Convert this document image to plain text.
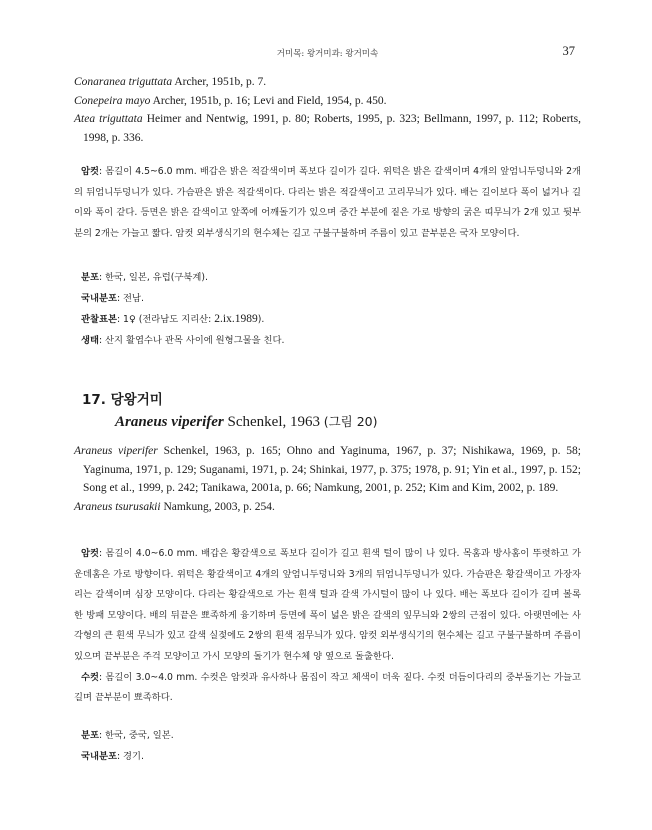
거미목: 왕거미과: 왕거미속	37

Conaranea triguttata Archer, 1951b, p. 7.

Conepeira mayo Archer, 1951b, p. 16; Levi and Field, 1954, p. 450.

Atea triguttata Heimer and Nentwig, 1991, p. 80; Roberts, 1995, p. 323; Bellmann, 1997, p. 112; Roberts, 1998, p. 336.

암컷: 몸길이 4.5~6.0 mm. 배갑은 밝은 적갈색이며 폭보다 길이가 길다. 위턱은 밝은 갈색이며 4개의 앞엄니두덩니와 2개의 뒤엄니두덩니가 있다. 가슴판은 밝은 적갈색이다. 다리는 밝은 적갈색이고 고리무늬가 있다. 배는 길이보다 폭이 넓거나 길이와 폭이 같다. 등면은 밝은 갈색이고 앞쪽에 어깨돌기가 있으며 중간 부분에 짙은 가로 방향의 굵은 띠무늬가 2개 있고 뒷부분의 2개는 가늘고 짧다. 암컷 외부생식기의 현수체는 길고 구불구불하며 주름이 있고 끝부분은 국자 모양이다.

분포: 한국, 일본, 유럽(구북계).
국내분포: 전남.
관찰표본: 1♀ (전라남도 지리산: 2.ix.1989).
생태: 산지 활엽수나 관목 사이에 원형그물을 친다.
17. 당왕거미
Araneus viperifer Schenkel, 1963 (그림 20)

Araneus viperifer Schenkel, 1963, p. 165; Ohno and Yaginuma, 1967, p. 37; Nishikawa, 1969, p. 58; Yaginuma, 1971, p. 129; Suganami, 1971, p. 24; Shinkai, 1977, p. 375; 1978, p. 91; Yin et al., 1997, p. 152; Song et al., 1999, p. 242; Tanikawa, 2001a, p. 66; Namkung, 2001, p. 252; Kim and Kim, 2002, p. 189.

Araneus tsurusakii Namkung, 2003, p. 254.

암컷: 몸길이 4.0~6.0 mm. 배갑은 황갈색으로 폭보다 길이가 길고 흰색 털이 많이 나 있다. 목홈과 방사홈이 뚜렷하고 가운데홈은 가로 방향이다. 위턱은 황갈색이고 4개의 앞엄니두덩니와 3개의 뒤엄니두덩니가 있다. 가슴판은 황갈색이고 가장자리는 갈색이며 심장 모양이다. 다리는 황갈색으로 가는 흰색 털과 갈색 가시털이 많이 나 있다. 배는 폭보다 길이가 길며 볼록한 방패 모양이다. 배의 뒤끝은 뾰족하게 융기하며 등면에 폭이 넓은 밝은 갈색의 잎무늬와 2쌍의 근점이 있다. 아랫면에는 사각형의 큰 흰색 무늬가 있고 갈색 실젖에도 2쌍의 흰색 점무늬가 있다. 암컷 외부생식기의 현수체는 길고 구불구불하며 주름이 있으며 끝부분은 주걱 모양이고 가시 모양의 돌기가 현수체 양 옆으로 돌출한다.

수컷: 몸길이 3.0~4.0 mm. 수컷은 암컷과 유사하나 몸집이 작고 체색이 더욱 짙다. 수컷 더듬이다리의 중부돌기는 가늘고 길며 끝부분이 뾰족하다.

분포: 한국, 중국, 일본.
국내분포: 경기.
